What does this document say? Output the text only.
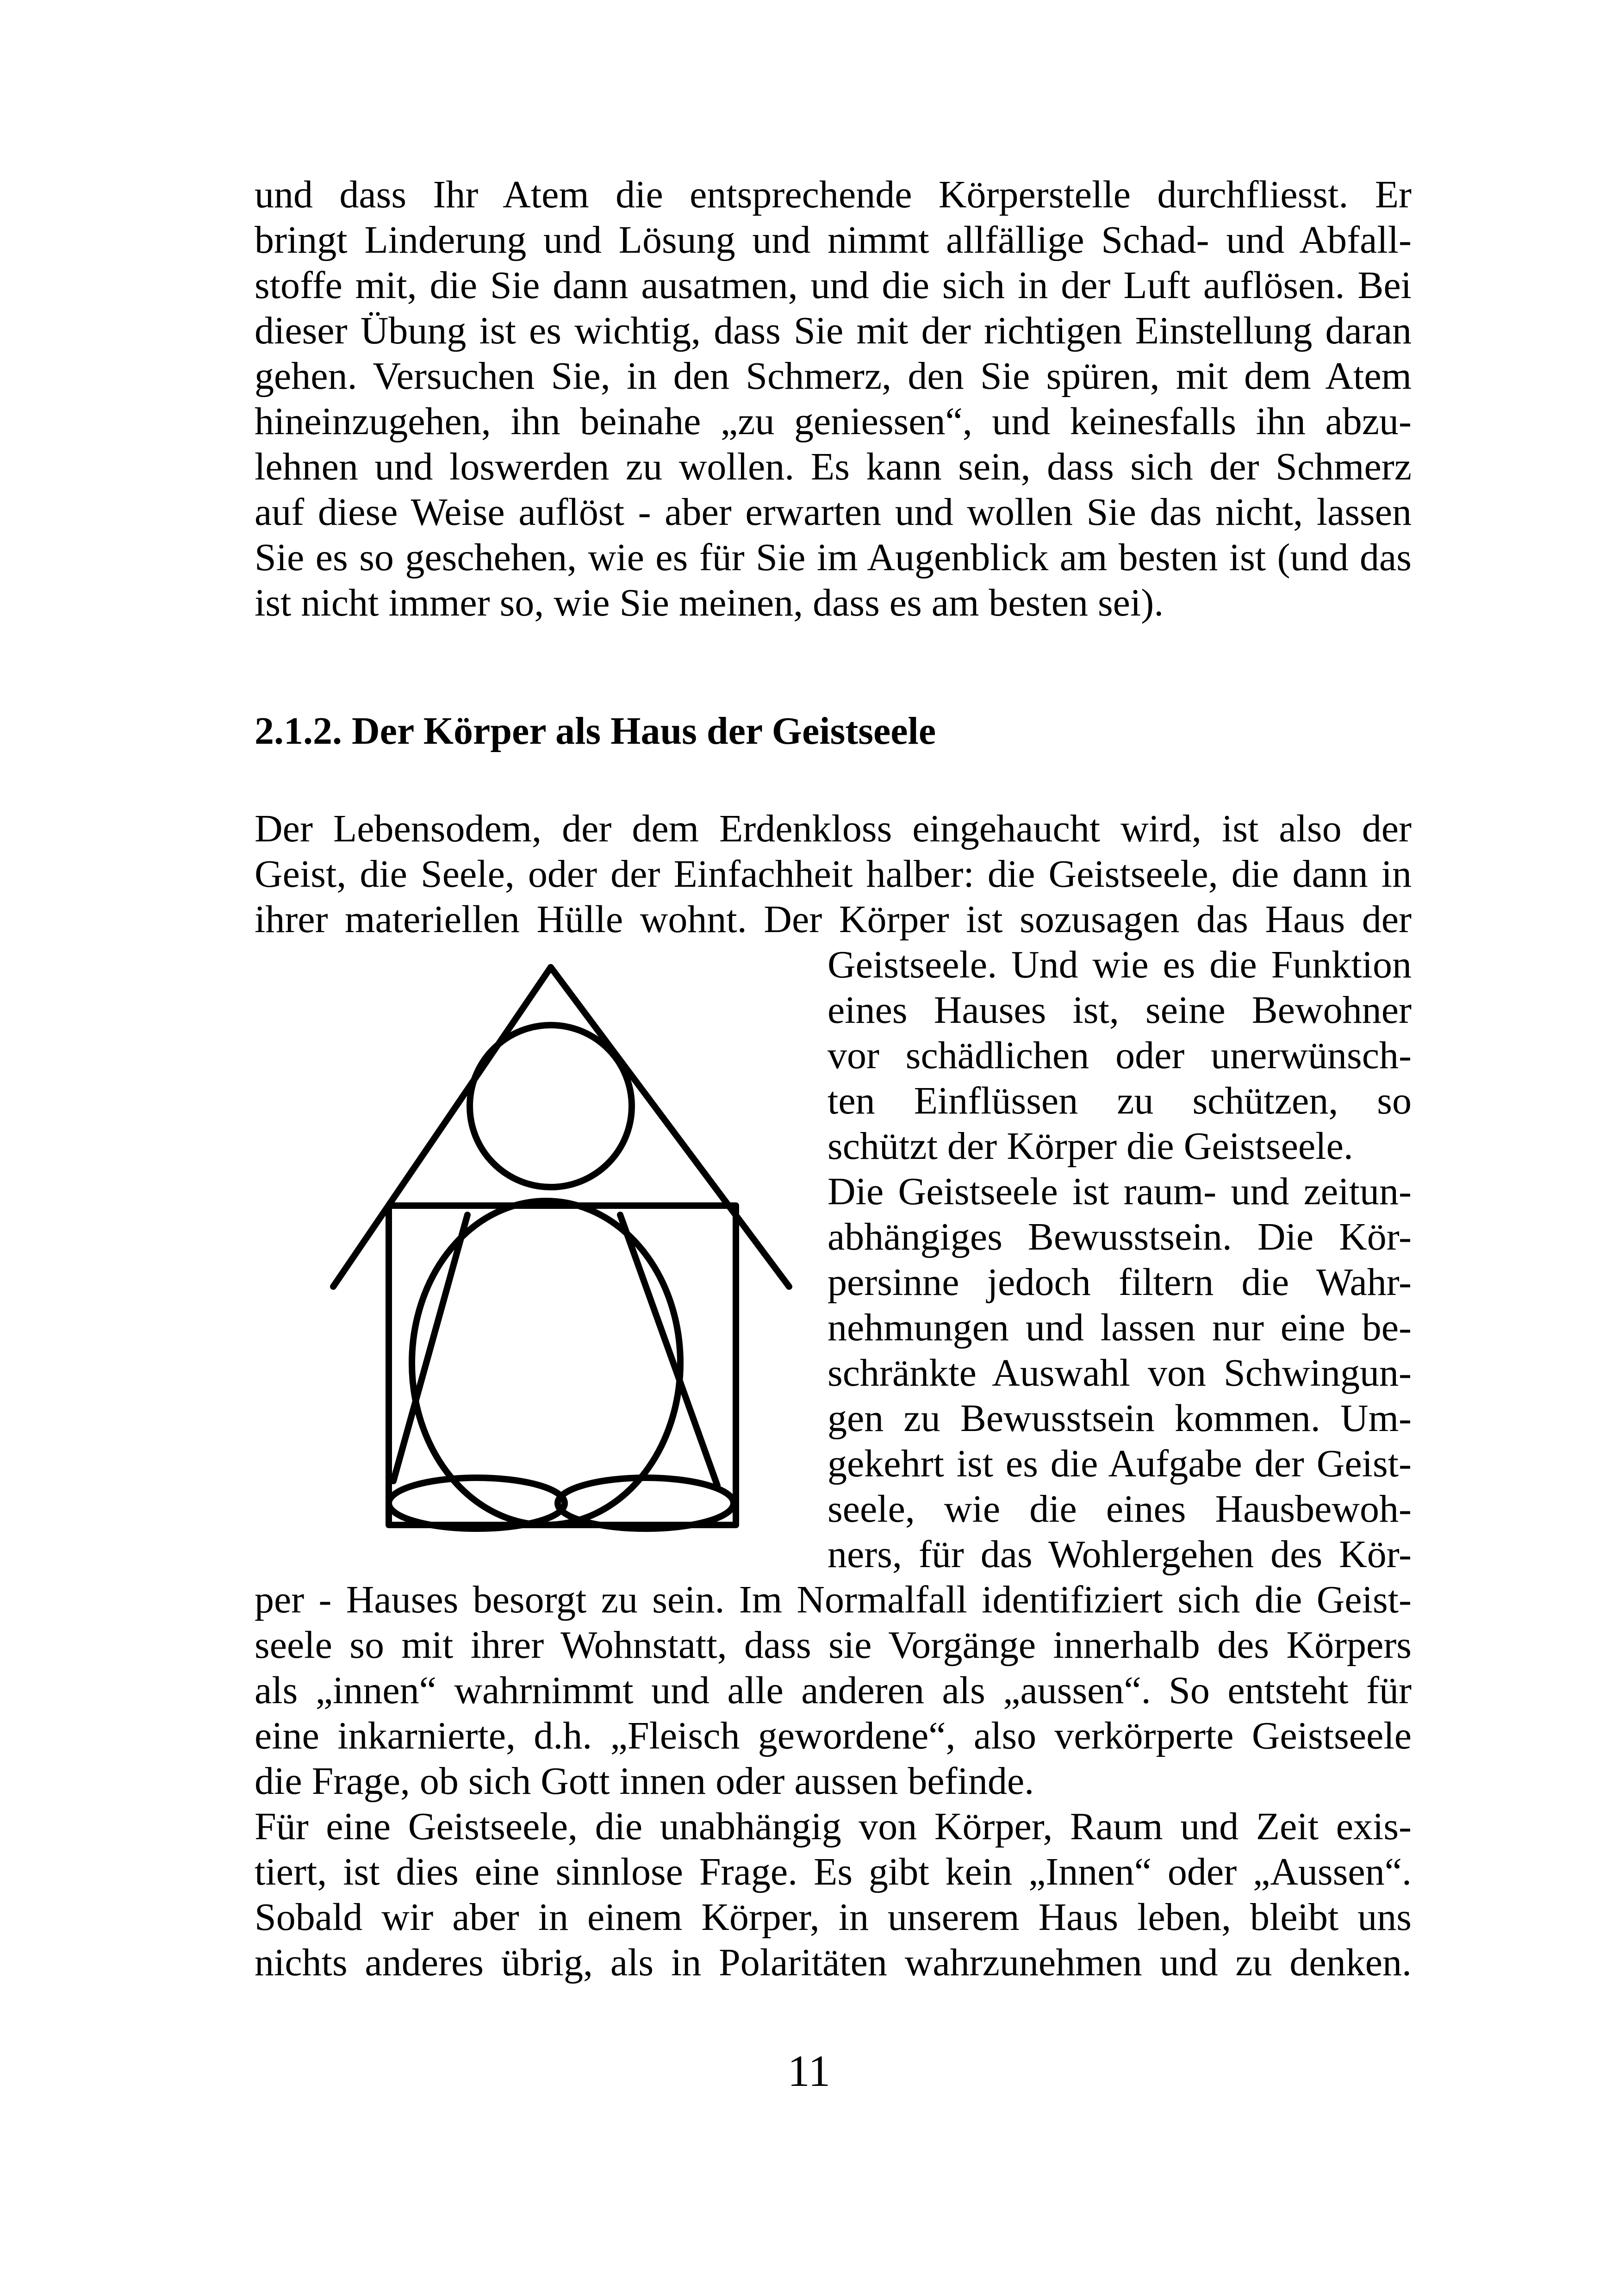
und dass Ihr Atem die entsprechende Körperstelle durchfliesst. Er
bringt Linderung und Lösung und nimmt allfällige Schad- und Abfall-
stoffe mit, die Sie dann ausatmen, und die sich in der Luft auflösen. Bei
dieser Übung ist es wichtig, dass Sie mit der richtigen Einstellung daran
gehen. Versuchen Sie, in den Schmerz, den Sie spüren, mit dem Atem
hineinzugehen, ihn beinahe „zu geniessen“, und keinesfalls ihn abzu-
lehnen und loswerden zu wollen. Es kann sein, dass sich der Schmerz
auf diese Weise auflöst - aber erwarten und wollen Sie das nicht, lassen
Sie es so geschehen, wie es für Sie im Augenblick am besten ist (und das
ist nicht immer so, wie Sie meinen, dass es am besten sei).
2.1.2. Der Körper als Haus der Geistseele
Der Lebensodem, der dem Erdenkloss eingehaucht wird, ist also der
Geist, die Seele, oder der Einfachheit halber: die Geistseele, die dann in
ihrer materiellen Hülle wohnt. Der Körper ist sozusagen das Haus der
Geistseele. Und wie es die Funktion
eines Hauses ist, seine Bewohner
vor schädlichen oder unerwünsch-
ten Einflüssen zu schützen, so
schützt der Körper die Geistseele.
Die Geistseele ist raum- und zeitun-
abhängiges Bewusstsein. Die Kör-
persinne jedoch filtern die Wahr-
nehmungen und lassen nur eine be-
schränkte Auswahl von Schwingun-
gen zu Bewusstsein kommen. Um-
gekehrt ist es die Aufgabe der Geist-
seele, wie die eines Hausbewoh-
ners, für das Wohlergehen des Kör-
per - Hauses besorgt zu sein. Im Normalfall identifiziert sich die Geist-
seele so mit ihrer Wohnstatt, dass sie Vorgänge innerhalb des Körpers
als „innen“ wahrnimmt und alle anderen als „aussen“. So entsteht für
eine inkarnierte, d.h. „Fleisch gewordene“, also verkörperte Geistseele
die Frage, ob sich Gott innen oder aussen befinde.
Für eine Geistseele, die unabhängig von Körper, Raum und Zeit exis-
tiert, ist dies eine sinnlose Frage. Es gibt kein „Innen“ oder „Aussen“.
Sobald wir aber in einem Körper, in unserem Haus leben, bleibt uns
nichts anderes übrig, als in Polaritäten wahrzunehmen und zu denken.
11
